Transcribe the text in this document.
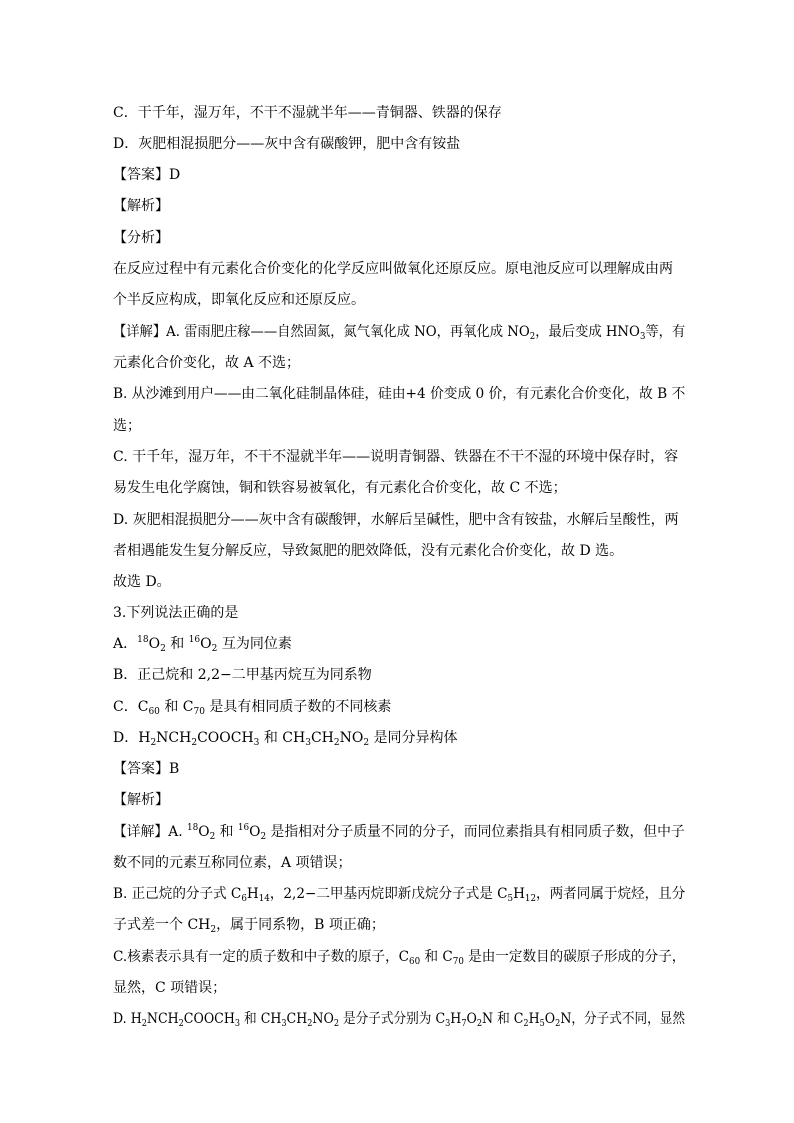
C．干千年，湿万年，不干不湿就半年——青铜器、铁器的保存
D．灰肥相混损肥分——灰中含有碳酸钾，肥中含有铵盐
【答案】D
【解析】
【分析】
在反应过程中有元素化合价变化的化学反应叫做氧化还原反应。原电池反应可以理解成由两
个半反应构成，即氧化反应和还原反应。
【详解】A. 雷雨肥庄稼——自然固氮，氮气氧化成 NO，再氧化成 $NO_2$，最后变成 $HNO_3$等，有
元素化合价变化，故 A 不选；
B. 从沙滩到用户——由二氧化硅制晶体硅，硅由+4 价变成 0 价，有元素化合价变化，故 B 不
选；
C. 干千年，湿万年，不干不湿就半年——说明青铜器、铁器在不干不湿的环境中保存时，容
易发生电化学腐蚀，铜和铁容易被氧化，有元素化合价变化，故 C 不选；
D. 灰肥相混损肥分——灰中含有碳酸钾，水解后呈碱性，肥中含有铵盐，水解后呈酸性，两
者相遇能发生复分解反应，导致氮肥的肥效降低，没有元素化合价变化，故 D 选。
故选 D。
3.下列说法正确的是
A．$^{18}O_2$ 和 $^{16}O_2$ 互为同位素
B．正己烷和 2,2−二甲基丙烷互为同系物
C．$C_{60}$ 和 $C_{70}$ 是具有相同质子数的不同核素
D．$H_2NCH_2COOCH_3$ 和 $CH_3CH_2NO_2$ 是同分异构体
【答案】B
【解析】
【详解】A. $^{18}O_2$ 和 $^{16}O_2$ 是指相对分子质量不同的分子，而同位素指具有相同质子数，但中子
数不同的元素互称同位素，A 项错误；
B. 正己烷的分子式 $C_6H_{14}$，2,2−二甲基丙烷即新戊烷分子式是 $C_5H_{12}$，两者同属于烷烃，且分
子式差一个 $CH_2$，属于同系物，B 项正确；
C.核素表示具有一定的质子数和中子数的原子，$C_{60}$ 和 $C_{70}$ 是由一定数目的碳原子形成的分子，
显然，C 项错误；
D. $H_2NCH_2COOCH_3$ 和 $CH_3CH_2NO_2$ 是分子式分别为 $C_3H_7O_2N$ 和 $C_2H_5O_2N$，分子式不同，显然
